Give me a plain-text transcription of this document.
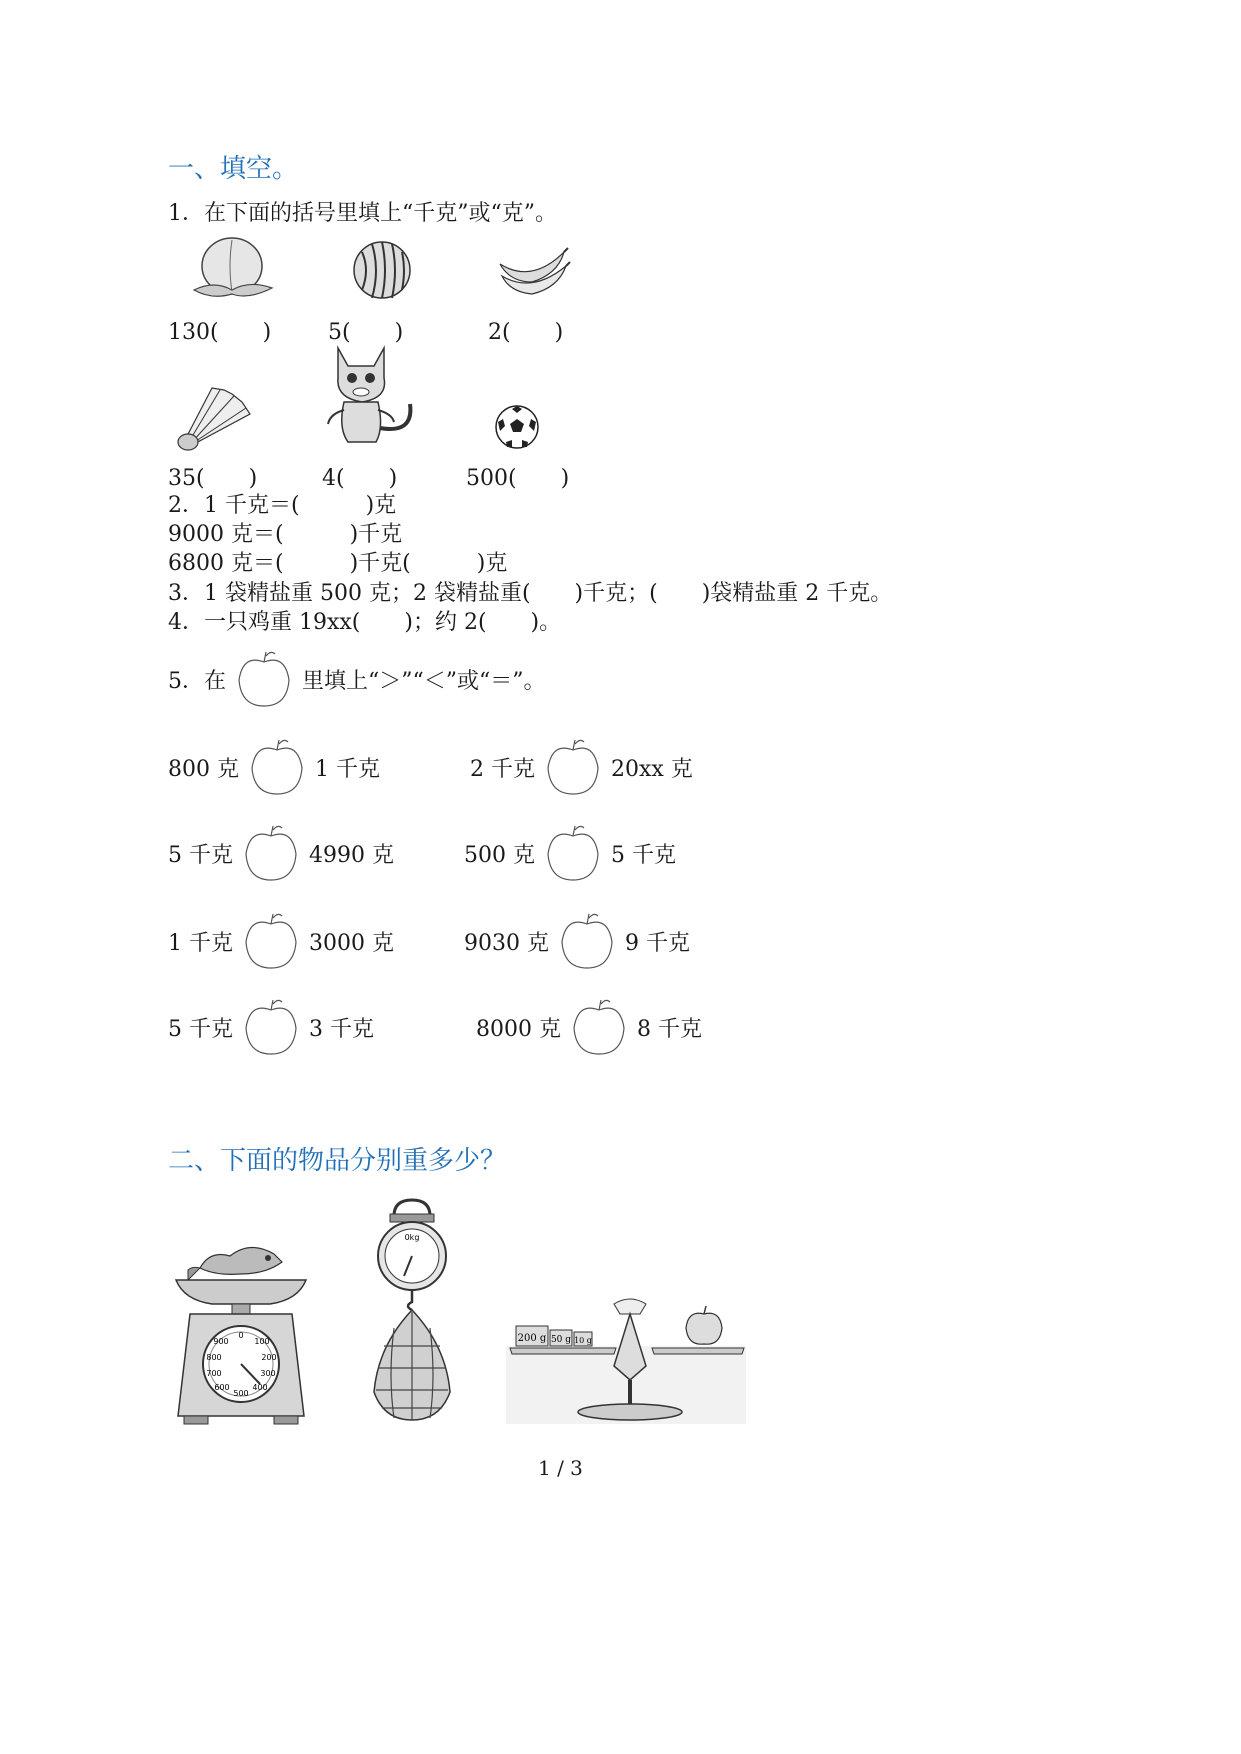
一、填空。
1．在下面的括号里填上“千克”或“克”。
130(　　)	5(　　)	2(　　)
35(　　)	4(　　)	500(　　)
2．1 千克＝(　　　)克
9000 克＝(　　　)千克
6800 克＝(　　　)千克(　　　)克
3．1 袋精盐重 500 克；2 袋精盐重(　　)千克；(　　)袋精盐重 2 千克。
4．一只鸡重 19xx(　　)；约 2(　　)。
5．在	里填上“＞”“＜”或“＝”。
800 克	1 千克	2 千克	20xx 克
5 千克	4990 克	500 克	5 千克
1 千克	3000 克	9030 克	9 千克
5 千克	3 千克	8000 克	8 千克
二、下面的物品分别重多少？
0
100
200
300
400
500
600
700
800
900
0kg
200 g 50 g 10 g
1 / 3
